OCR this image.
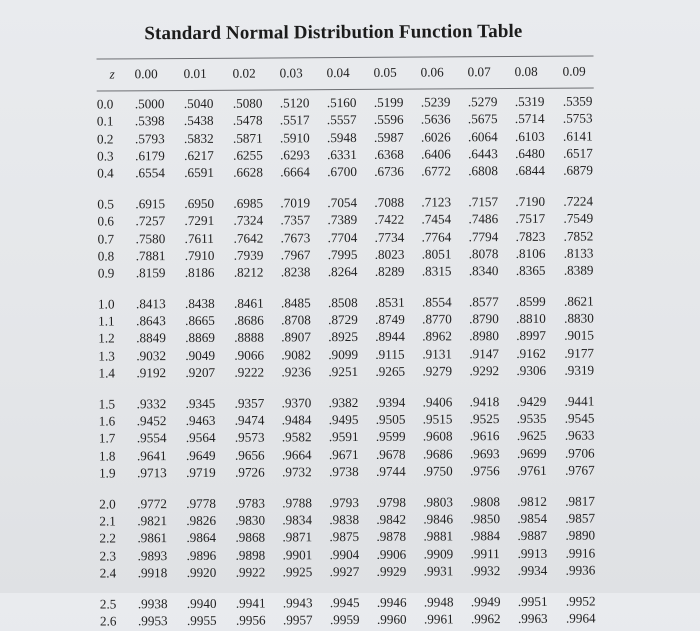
Standard Normal Distribution Function Table
z	0.00 0.01 0.02 0.03 0.04 0.05 0.06 0.07 0.08 0.09
0.0	.5000 .5040 .5080 .5120 .5160 .5199 .5239 .5279 .5319 .5359
0.1	.5398 .5438 .5478 .5517 .5557 .5596 .5636 .5675 .5714 .5753
0.2	.5793 .5832 .5871 .5910 .5948 .5987 .6026 .6064 .6103 .6141
0.3	.6179 .6217 .6255 .6293 .6331 .6368 .6406 .6443 .6480 .6517
0.4	.6554 .6591 .6628 .6664 .6700 .6736 .6772 .6808 .6844 .6879
0.5	.6915 .6950 .6985 .7019 .7054 .7088 .7123 .7157 .7190 .7224
0.6	.7257 .7291 .7324 .7357 .7389 .7422 .7454 .7486 .7517 .7549
0.7	.7580 .7611 .7642 .7673 .7704 .7734 .7764 .7794 .7823 .7852
0.8	.7881 .7910 .7939 .7967 .7995 .8023 .8051 .8078 .8106 .8133
0.9	.8159 .8186 .8212 .8238 .8264 .8289 .8315 .8340 .8365 .8389
1.0	.8413 .8438 .8461 .8485 .8508 .8531 .8554 .8577 .8599 .8621
1.1	.8643 .8665 .8686 .8708 .8729 .8749 .8770 .8790 .8810 .8830
1.2	.8849 .8869 .8888 .8907 .8925 .8944 .8962 .8980 .8997 .9015
1.3	.9032 .9049 .9066 .9082 .9099 .9115 .9131 .9147 .9162 .9177
1.4	.9192 .9207 .9222 .9236 .9251 .9265 .9279 .9292 .9306 .9319
1.5	.9332 .9345 .9357 .9370 .9382 .9394 .9406 .9418 .9429 .9441
1.6	.9452 .9463 .9474 .9484 .9495 .9505 .9515 .9525 .9535 .9545
1.7	.9554 .9564 .9573 .9582 .9591 .9599 .9608 .9616 .9625 .9633
1.8	.9641 .9649 .9656 .9664 .9671 .9678 .9686 .9693 .9699 .9706
1.9	.9713 .9719 .9726 .9732 .9738 .9744 .9750 .9756 .9761 .9767
2.0	.9772 .9778 .9783 .9788 .9793 .9798 .9803 .9808 .9812 .9817
2.1	.9821 .9826 .9830 .9834 .9838 .9842 .9846 .9850 .9854 .9857
2.2	.9861 .9864 .9868 .9871 .9875 .9878 .9881 .9884 .9887 .9890
2.3	.9893 .9896 .9898 .9901 .9904 .9906 .9909 .9911 .9913 .9916
2.4	.9918 .9920 .9922 .9925 .9927 .9929 .9931 .9932 .9934 .9936
2.5	.9938 .9940 .9941 .9943 .9945 .9946 .9948 .9949 .9951 .9952
2.6	.9953 .9955 .9956 .9957 .9959 .9960 .9961 .9962 .9963 .9964
